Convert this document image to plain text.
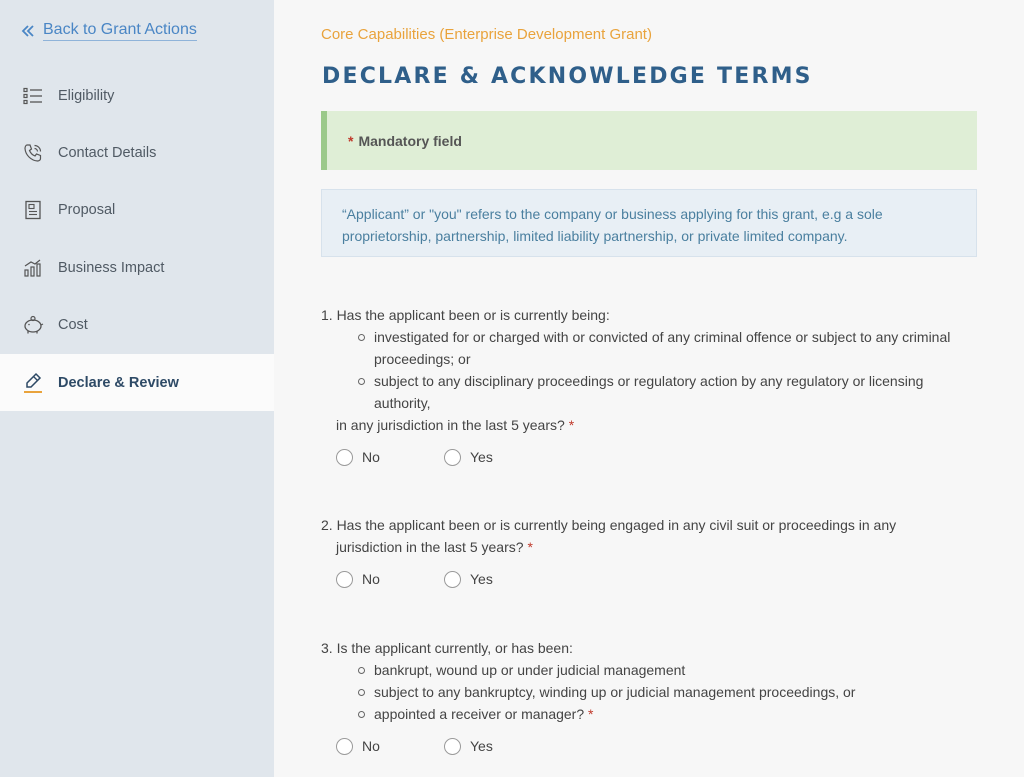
Back to Grant Actions
Eligibility
Contact Details
Proposal
Business Impact
Cost
Declare & Review
Core Capabilities (Enterprise Development Grant)
DECLARE & ACKNOWLEDGE TERMS
* Mandatory field
“Applicant” or "you" refers to the company or business applying for this grant, e.g a sole proprietorship, partnership, limited liability partnership, or private limited company.
1. Has the applicant been or is currently being:
investigated for or charged with or convicted of any criminal offence or subject to any criminal proceedings; or
subject to any disciplinary proceedings or regulatory action by any regulatory or licensing authority,
in any jurisdiction in the last 5 years? *
No	Yes
2. Has the applicant been or is currently being engaged in any civil suit or proceedings in any
jurisdiction in the last 5 years? *
No	Yes
3. Is the applicant currently, or has been:
bankrupt, wound up or under judicial management
subject to any bankruptcy, winding up or judicial management proceedings, or
appointed a receiver or manager? *
No	Yes
